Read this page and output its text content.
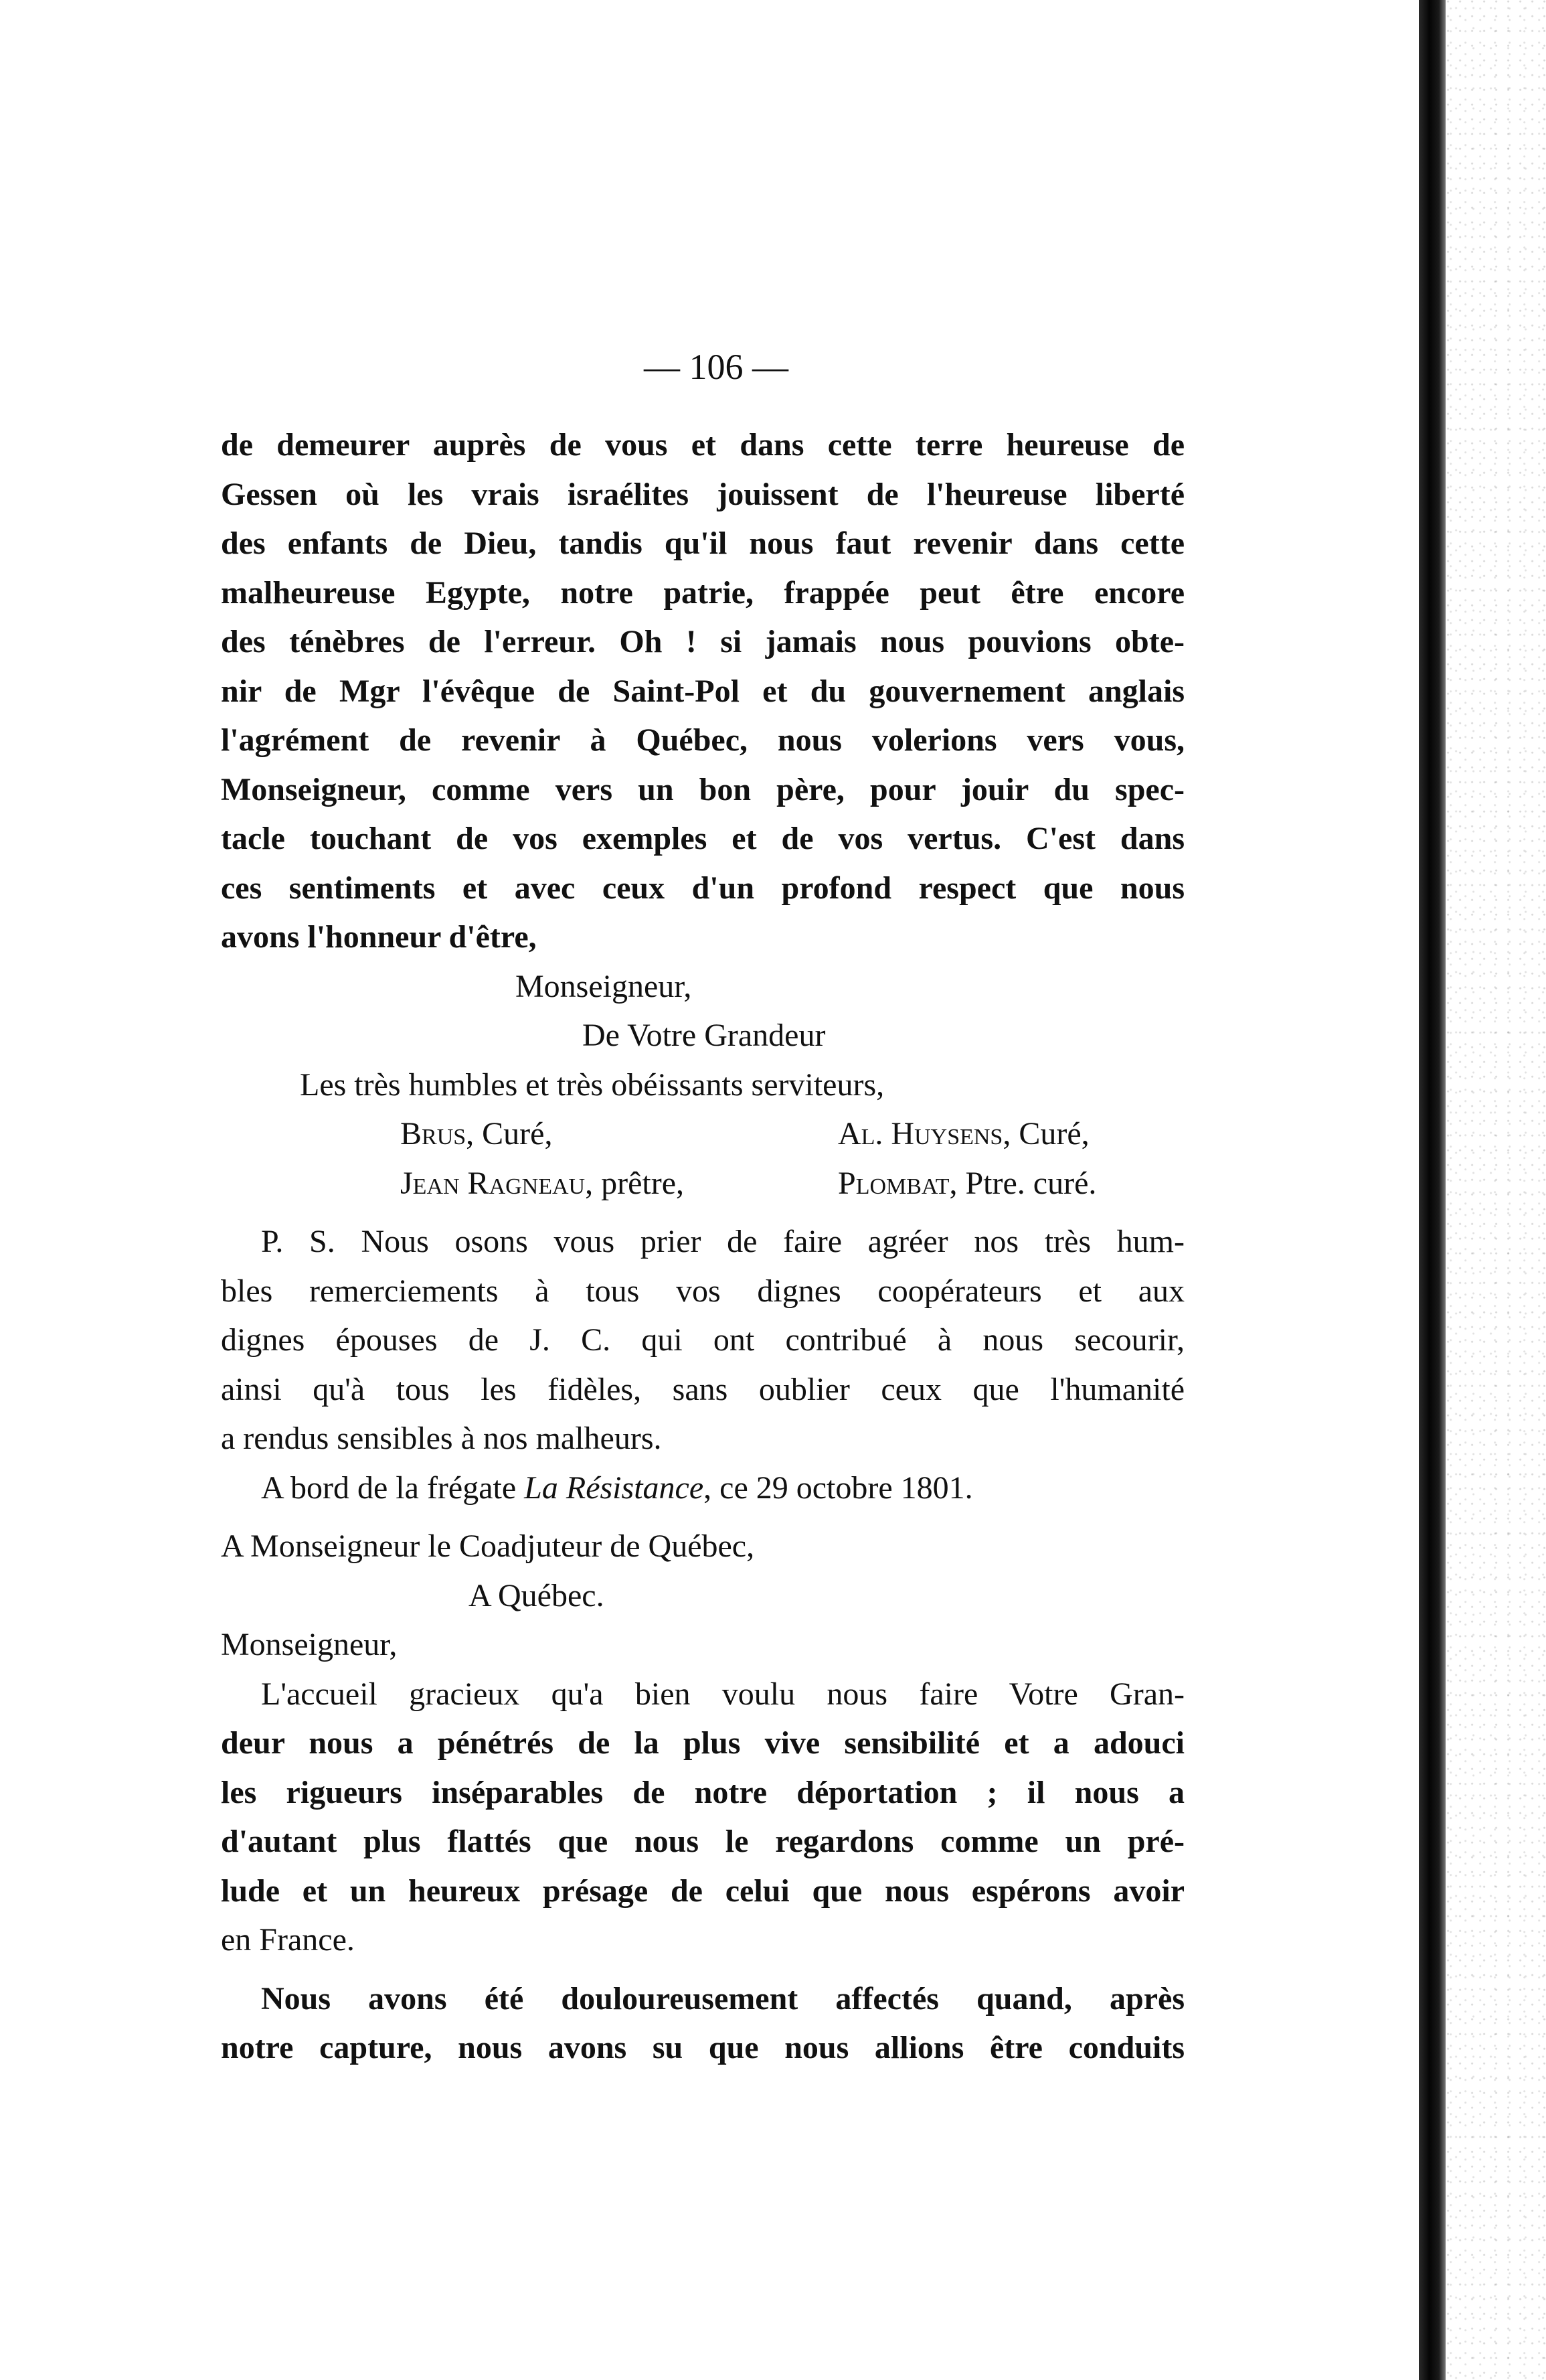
— 106 —
de demeurer auprès de vous et dans cette terre heureuse de
Gessen où les vrais israélites jouissent de l'heureuse liberté
des enfants de Dieu, tandis qu'il nous faut revenir dans cette
malheureuse Egypte, notre patrie, frappée peut être encore
des ténèbres de l'erreur. Oh ! si jamais nous pouvions obte-
nir de Mgr l'évêque de Saint-Pol et du gouvernement anglais
l'agrément de revenir à Québec, nous volerions vers vous,
Monseigneur, comme vers un bon père, pour jouir du spec-
tacle touchant de vos exemples et de vos vertus. C'est dans
ces sentiments et avec ceux d'un profond respect que nous
avons l'honneur d'être,
Monseigneur,
De Votre Grandeur
Les très humbles et très obéissants serviteurs,
Brus, Curé,	Al. Huysens, Curé,
Jean Ragneau, prêtre,	Plombat, Ptre. curé.
P. S. Nous osons vous prier de faire agréer nos très hum-
bles remerciements à tous vos dignes coopérateurs et aux
dignes épouses de J. C. qui ont contribué à nous secourir,
ainsi qu'à tous les fidèles, sans oublier ceux que l'humanité
a rendus sensibles à nos malheurs.
A bord de la frégate La Résistance, ce 29 octobre 1801.
A Monseigneur le Coadjuteur de Québec,
A Québec.
Monseigneur,
L'accueil gracieux qu'a bien voulu nous faire Votre Gran-
deur nous a pénétrés de la plus vive sensibilité et a adouci
les rigueurs inséparables de notre déportation ; il nous a
d'autant plus flattés que nous le regardons comme un pré-
lude et un heureux présage de celui que nous espérons avoir
en France.
Nous avons été douloureusement affectés quand, après
notre capture, nous avons su que nous allions être conduits
